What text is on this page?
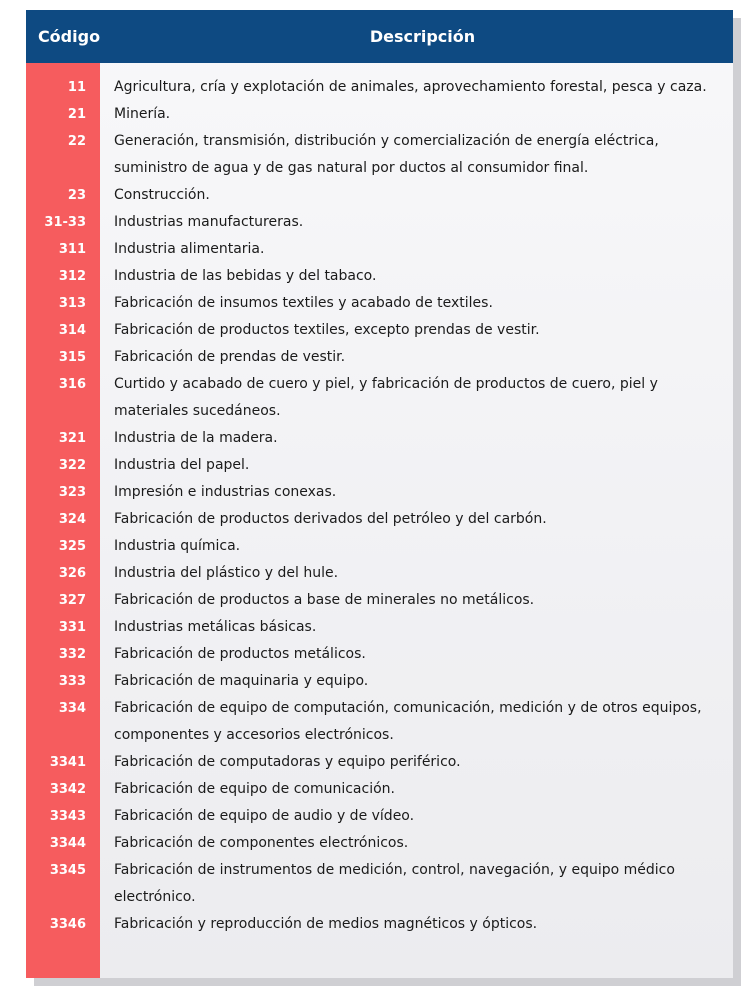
Código	Descripción
11	Agricultura, cría y explotación de animales, aprovechamiento forestal, pesca y caza.
21	Minería.
22	Generación, transmisión, distribución y comercialización de energía eléctrica, suministro de agua y de gas natural por ductos al consumidor final.
23	Construcción.
31-33	Industrias manufactureras.
311	Industria alimentaria.
312	Industria de las bebidas y del tabaco.
313	Fabricación de insumos textiles y acabado de textiles.
314	Fabricación de productos textiles, excepto prendas de vestir.
315	Fabricación de prendas de vestir.
316	Curtido y acabado de cuero y piel, y fabricación de productos de cuero, piel y materiales sucedáneos.
321	Industria de la madera.
322	Industria del papel.
323	Impresión e industrias conexas.
324	Fabricación de productos derivados del petróleo y del carbón.
325	Industria química.
326	Industria del plástico y del hule.
327	Fabricación de productos a base de minerales no metálicos.
331	Industrias metálicas básicas.
332	Fabricación de productos metálicos.
333	Fabricación de maquinaria y equipo.
334	Fabricación de equipo de computación, comunicación, medición y de otros equipos, componentes y accesorios electrónicos.
3341	Fabricación de computadoras y equipo periférico.
3342	Fabricación de equipo de comunicación.
3343	Fabricación de equipo de audio y de vídeo.
3344	Fabricación de componentes electrónicos.
3345	Fabricación de instrumentos de medición, control, navegación, y equipo médico electrónico.
3346	Fabricación y reproducción de medios magnéticos y ópticos.
